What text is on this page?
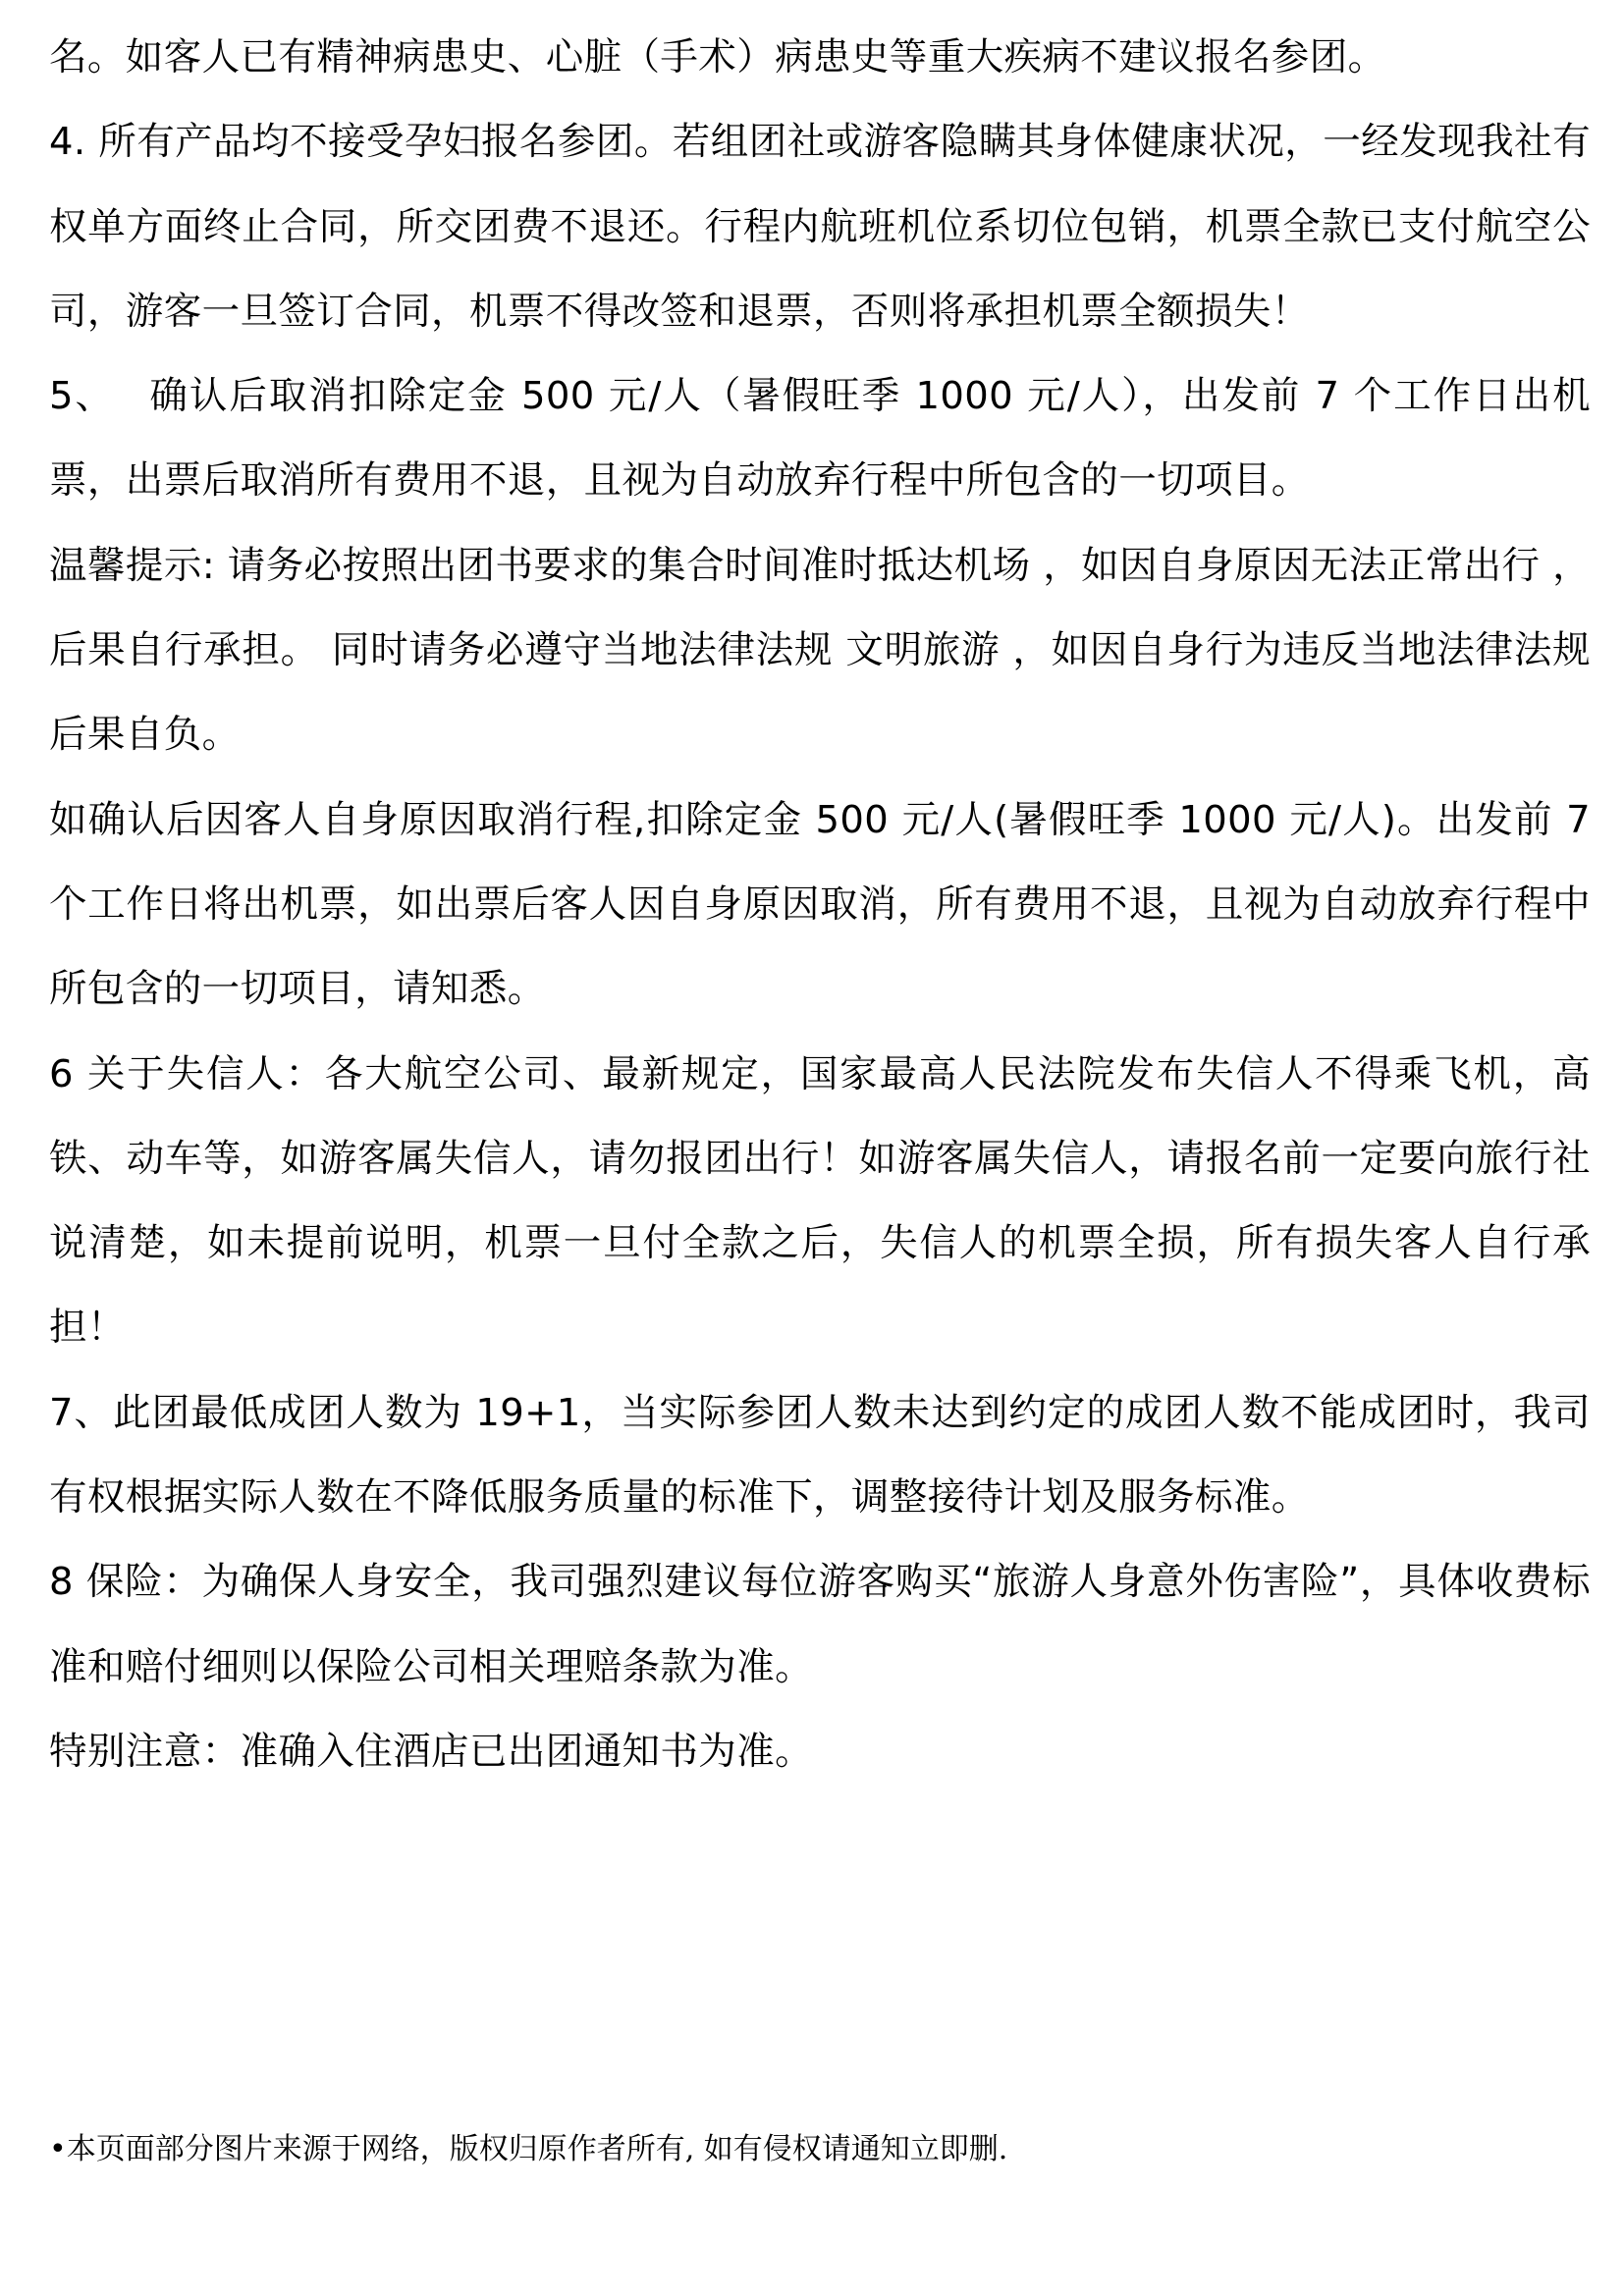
名。如客人已有精神病患史、心脏（手术）病患史等重大疾病不建议报名参团。

4. 所有产品均不接受孕妇报名参团。若组团社或游客隐瞒其身体健康状况，一经发现我社有权单方面终止合同，所交团费不退还。行程内航班机位系切位包销，机票全款已支付航空公司，游客一旦签订合同，机票不得改签和退票，否则将承担机票全额损失！

5、　 确认后取消扣除定金 500 元/人（暑假旺季 1000 元/人），出发前 7 个工作日出机票，出票后取消所有费用不退，且视为自动放弃行程中所包含的一切项目。

温馨提示: 请务必按照出团书要求的集合时间准时抵达机场 ，如因自身原因无法正常出行 ，后果自行承担。 同时请务必遵守当地法律法规 文明旅游 ，如因自身行为违反当地法律法规后果自负。

如确认后因客人自身原因取消行程,扣除定金 500 元/人(暑假旺季 1000 元/人)。出发前 7 个工作日将出机票，如出票后客人因自身原因取消，所有费用不退，且视为自动放弃行程中所包含的一切项目，请知悉。

6 关于失信人：各大航空公司、最新规定，国家最高人民法院发布失信人不得乘飞机，高铁、动车等，如游客属失信人，请勿报团出行！如游客属失信人，请报名前一定要向旅行社说清楚，如未提前说明，机票一旦付全款之后，失信人的机票全损，所有损失客人自行承担！

7、此团最低成团人数为 19+1，当实际参团人数未达到约定的成团人数不能成团时，我司有权根据实际人数在不降低服务质量的标准下，调整接待计划及服务标准。

8 保险：为确保人身安全，我司强烈建议每位游客购买“旅游人身意外伤害险”，具体收费标准和赔付细则以保险公司相关理赔条款为准。

特别注意：准确入住酒店已出团通知书为准。

•本页面部分图片来源于网络，版权归原作者所有, 如有侵权请通知立即删.
